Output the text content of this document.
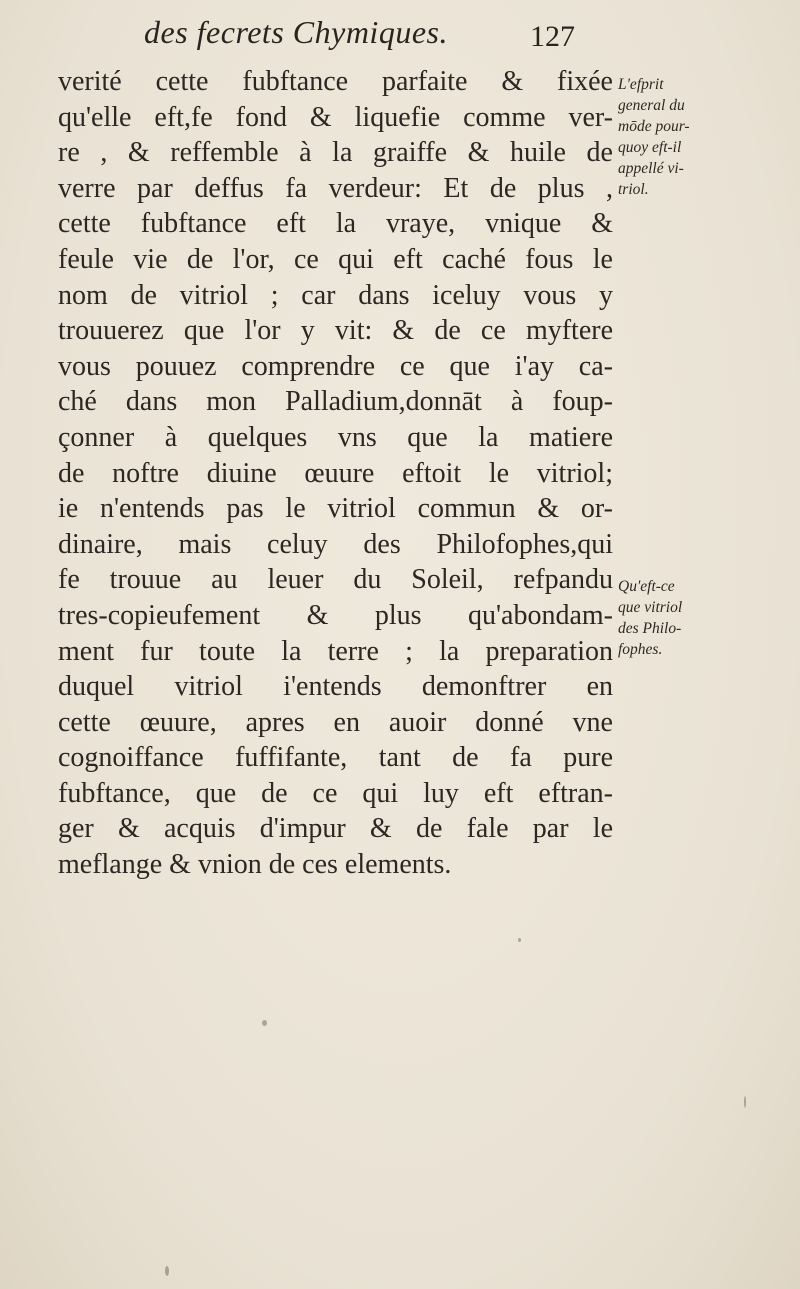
des fecrets Chymiques.	127
verité cette fubftance parfaite & fixée
qu'elle eft,fe fond & liquefie comme ver-
re , & reffemble à la graiffe & huile de
verre par deffus fa verdeur: Et de plus ,
cette fubftance eft la vraye, vnique &
feule vie de l'or, ce qui eft caché fous le
nom de vitriol ; car dans iceluy vous y
trouuerez que l'or y vit: & de ce myftere
vous pouuez comprendre ce que i'ay ca-
ché dans mon Palladium,donnāt à foup-
çonner à quelques vns que la matiere
de noftre diuine œuure eftoit le vitriol;
ie n'entends pas le vitriol commun & or-
dinaire, mais celuy des Philofophes,qui
fe trouue au leuer du Soleil, refpandu
tres-copieufement & plus qu'abondam-
ment fur toute la terre ; la preparation
duquel vitriol i'entends demonftrer en
cette œuure, apres en auoir donné vne
cognoiffance fuffifante, tant de fa pure
fubftance, que de ce qui luy eft eftran-
ger & acquis d'impur & de fale par le
meflange & vnion de ces elements.
L'efprit
general du
mōde pour-
quoy eft-il
appellé vi-
triol.
Qu'eft-ce
que vitriol
des Philo-
fophes.
